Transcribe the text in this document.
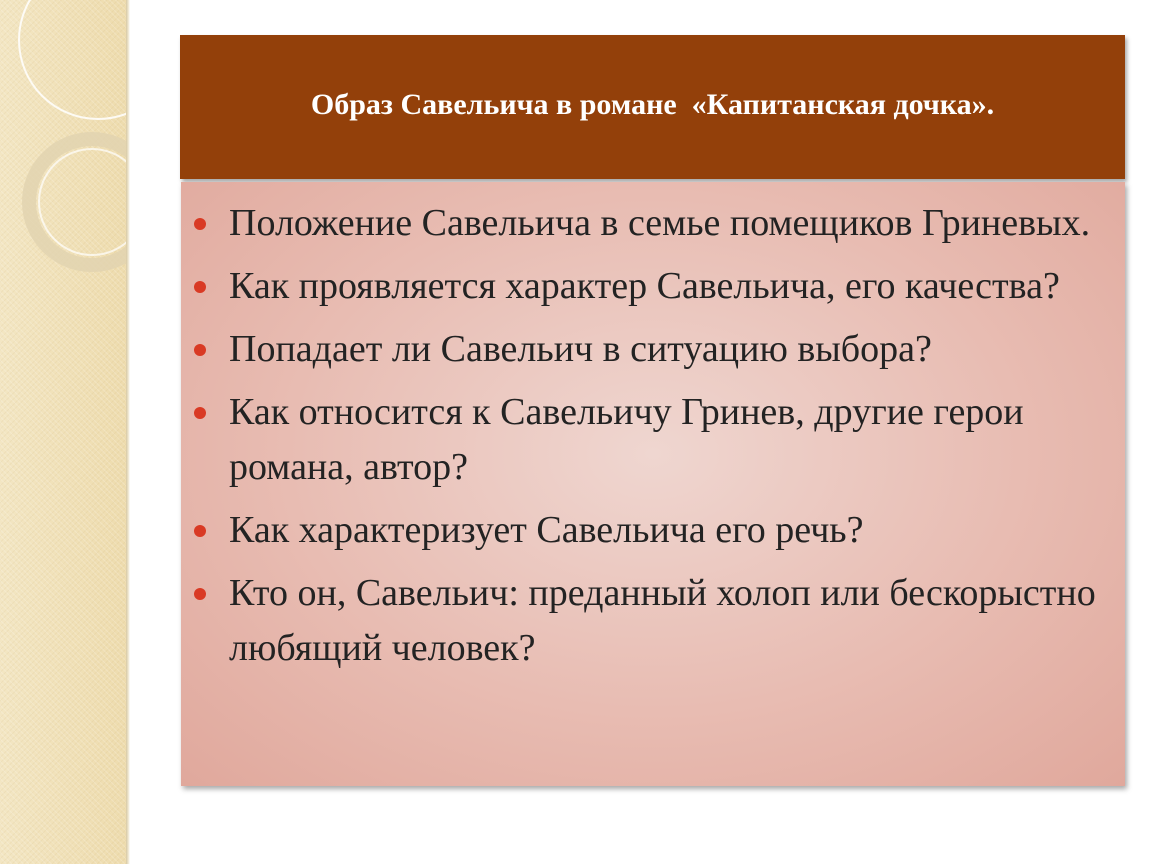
Образ Савельича в романе  «Капитанская дочка».
Положение Савельича в семье помещиков Гриневых.
Как проявляется характер Савельича, его качества?
Попадает ли Савельич в ситуацию выбора?
Как относится к Савельичу Гринев, другие герои романа, автор?
Как характеризует Савельича его речь?
Кто он, Савельич: преданный холоп или бескорыстно любящий человек?
